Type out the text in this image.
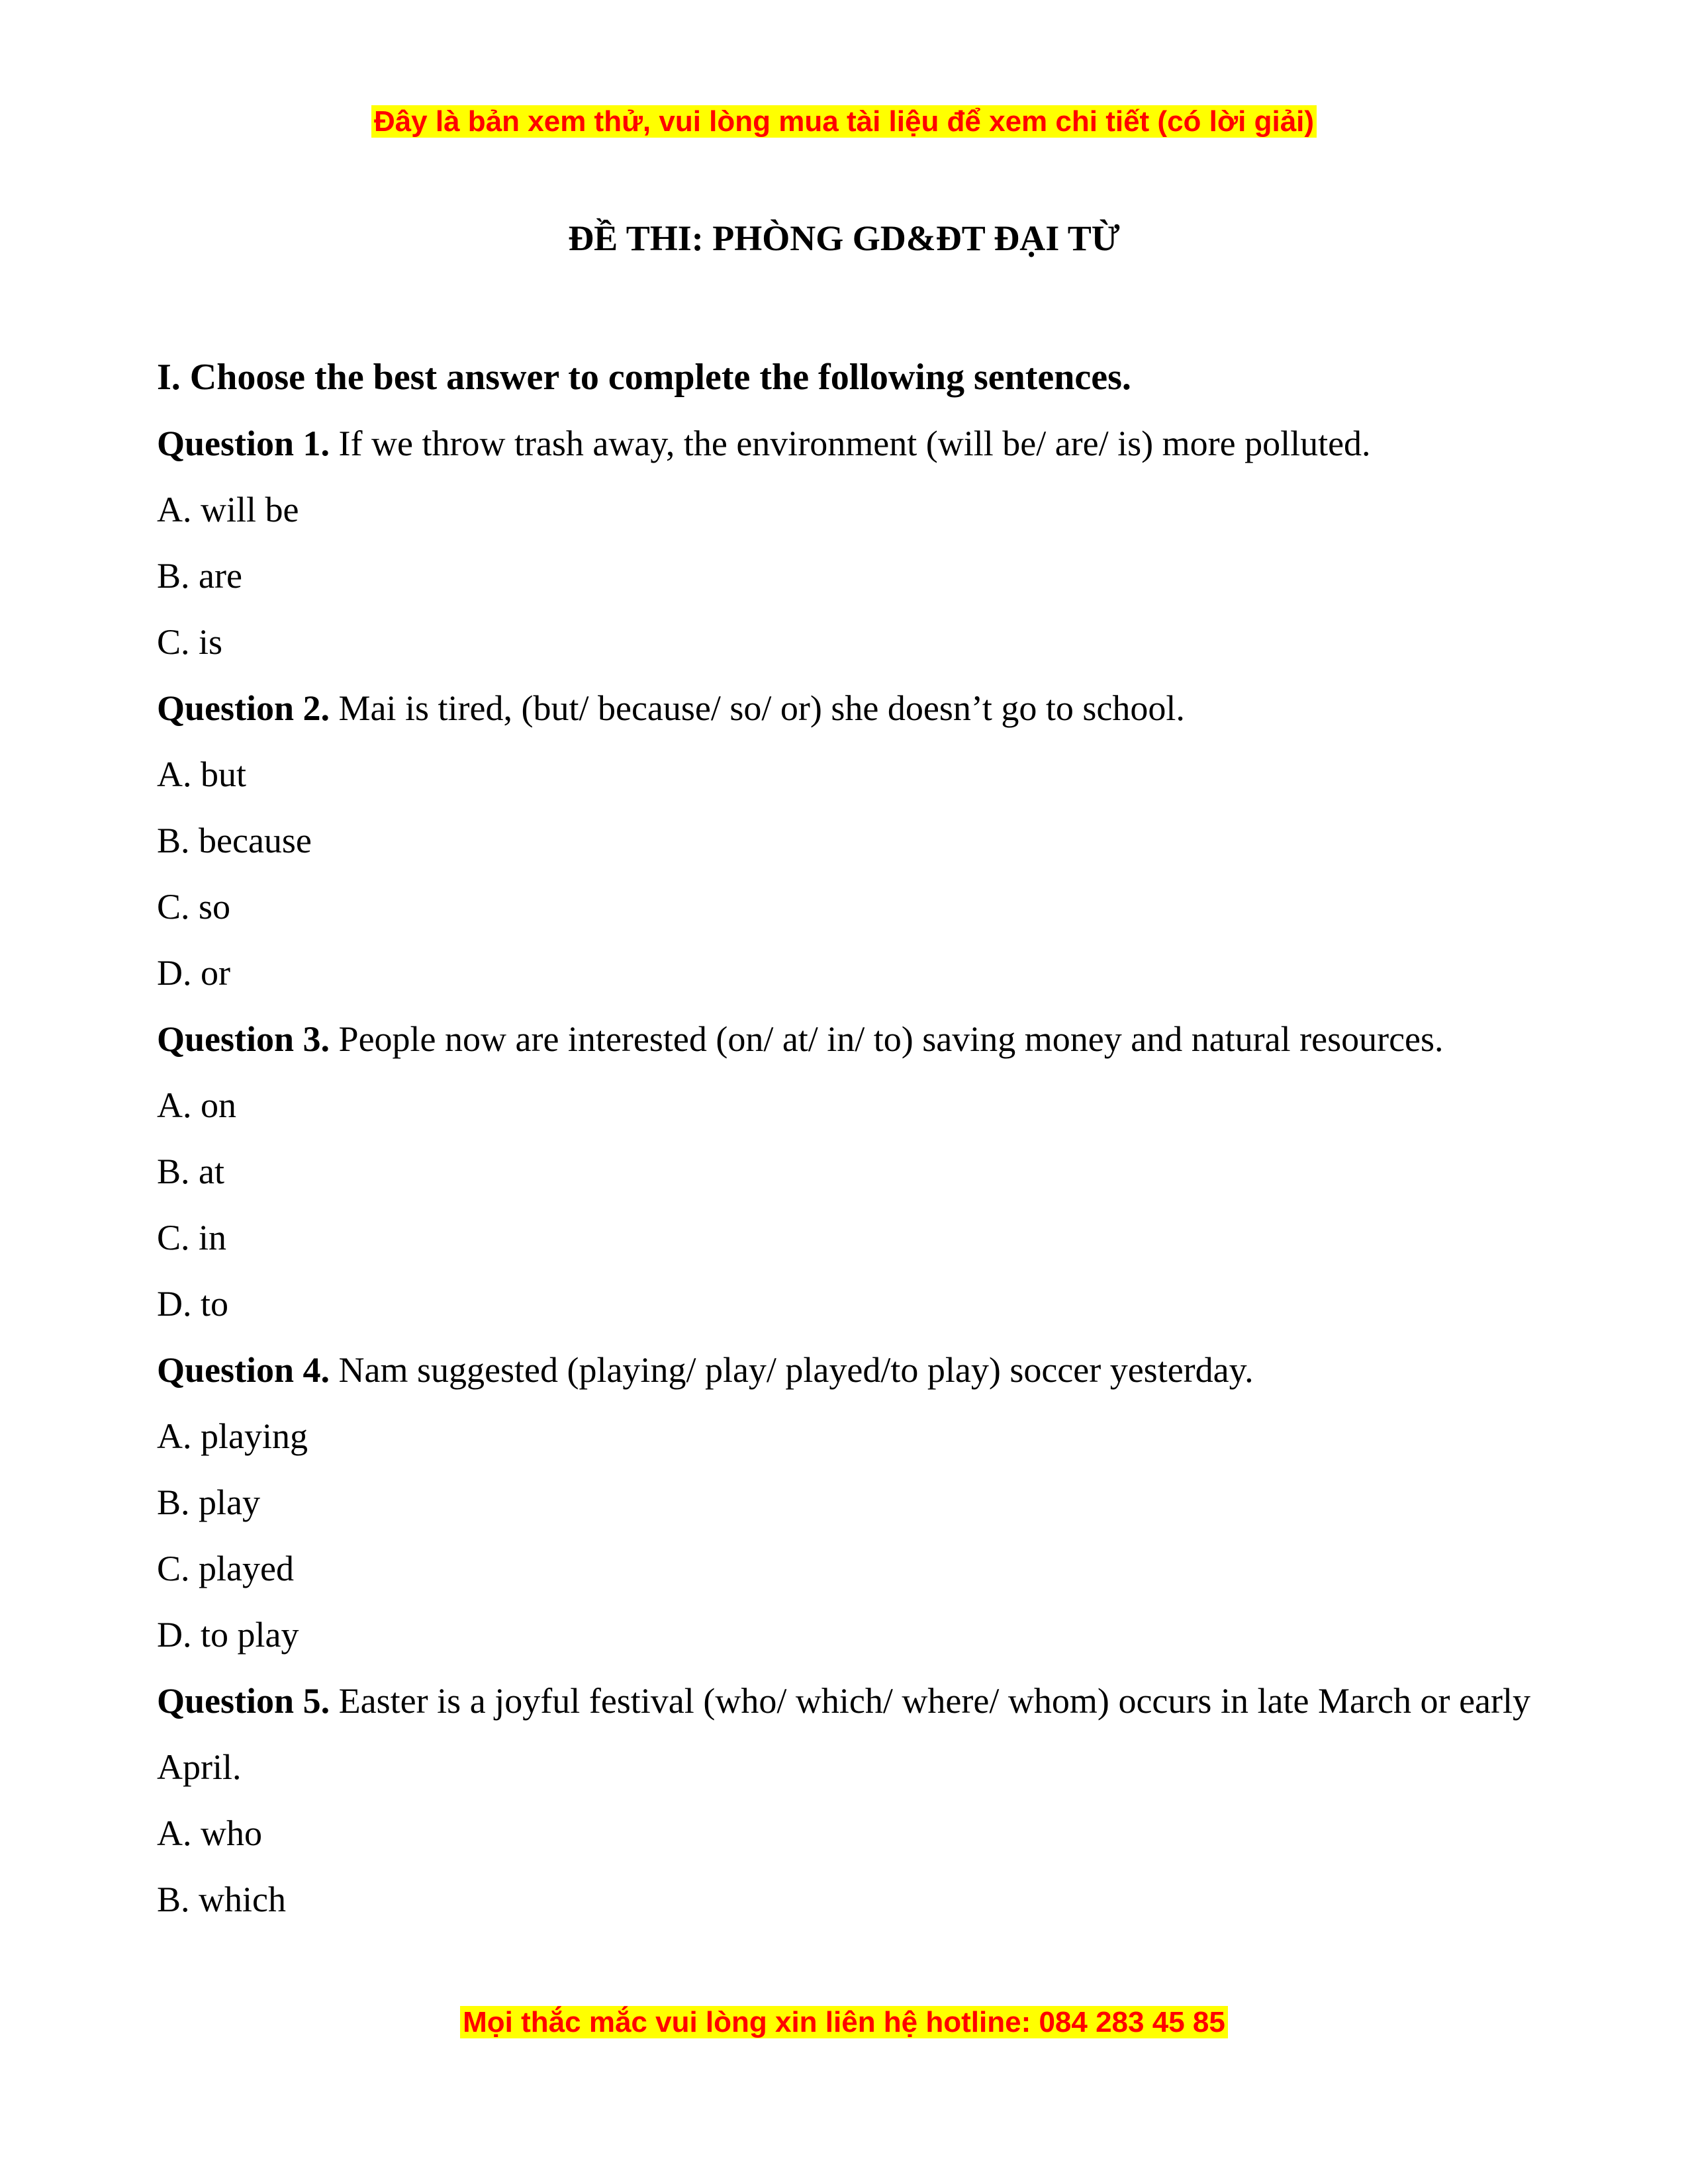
Đây là bản xem thử, vui lòng mua tài liệu để xem chi tiết (có lời giải)
ĐỀ THI: PHÒNG GD&ĐT ĐẠI TỪ
I. Choose the best answer to complete the following sentences.
Question 1. If we throw trash away, the environment (will be/ are/ is) more polluted.
A. will be
B. are
C. is
Question 2. Mai is tired, (but/ because/ so/ or) she doesn’t go to school.
A. but
B. because
C. so
D. or
Question 3. People now are interested (on/ at/ in/ to) saving money and natural resources.
A. on
B. at
C. in
D. to
Question 4. Nam suggested (playing/ play/ played/to play) soccer yesterday.
A. playing
B. play
C. played
D. to play
Question 5. Easter is a joyful festival (who/ which/ where/ whom) occurs in late March or early April.
A. who
B. which
Mọi thắc mắc vui lòng xin liên hệ hotline: 084 283 45 85
